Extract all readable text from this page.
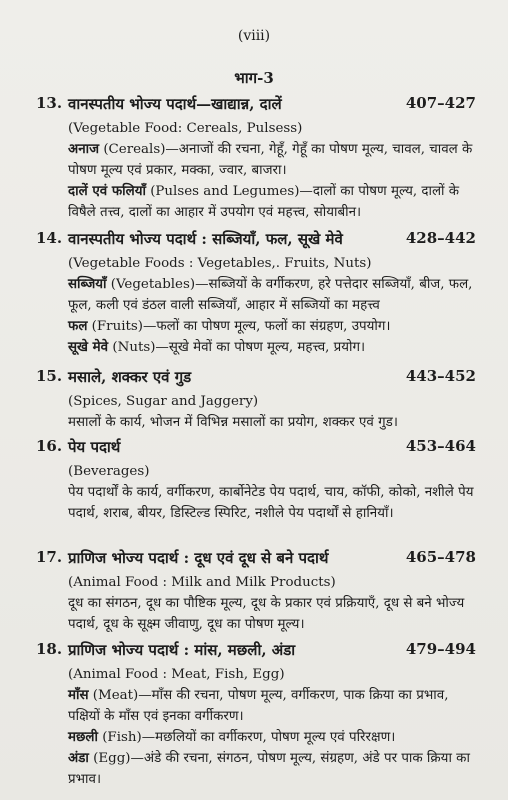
(viii)
भाग-3
13. वानस्पतीय भोज्य पदार्थ—खाद्यान्न, दालें	407–427

(Vegetable Food: Cereals, Pulsess)

अनाज (Cereals)—अनाजों की रचना, गेहूँ, गेहूँ का पोषण मूल्य, चावल, चावल के पोषण मूल्य एवं प्रकार, मक्का, ज्वार, बाजरा।

दालें एवं फलियाँ (Pulses and Legumes)—दालों का पोषण मूल्य, दालों के विषैले तत्त्व, दालों का आहार में उपयोग एवं महत्त्व, सोयाबीन।

14. वानस्पतीय भोज्य पदार्थ : सब्जियाँ, फल, सूखे मेवे	428–442

(Vegetable Foods : Vegetables,. Fruits, Nuts)

सब्जियाँ (Vegetables)—सब्जियों के वर्गीकरण, हरे पत्तेदार सब्जियाँ, बीज, फल, फूल, कली एवं डंठल वाली सब्जियाँ, आहार में सब्जियों का महत्त्व

फल (Fruits)—फलों का पोषण मूल्य, फलों का संग्रहण, उपयोग।

सूखे मेवे (Nuts)—सूखे मेवों का पोषण मूल्य, महत्त्व, प्रयोग।

15. मसाले, शक्कर एवं गुड	443–452

(Spices, Sugar and Jaggery)

मसालों के कार्य, भोजन में विभिन्न मसालों का प्रयोग, शक्कर एवं गुड।

16. पेय पदार्थ	453–464

(Beverages)

पेय पदार्थों के कार्य, वर्गीकरण, कार्बोनेटेड पेय पदार्थ, चाय, कॉफी, कोको, नशीले पेय पदार्थ, शराब, बीयर, डिस्टिल्ड स्पिरिट, नशीले पेय पदार्थों से हानियाँ।

17. प्राणिज भोज्य पदार्थ : दूध एवं दूध से बने पदार्थ	465–478

(Animal Food : Milk and Milk Products)

दूध का संगठन, दूध का पौष्टिक मूल्य, दूध के प्रकार एवं प्रक्रियाएँ, दूध से बने भोज्य पदार्थ, दूध के सूक्ष्म जीवाणु, दूध का पोषण मूल्य।

18. प्राणिज भोज्य पदार्थ : मांस, मछली, अंडा	479–494

(Animal Food : Meat, Fish, Egg)

माँस (Meat)—माँस की रचना, पोषण मूल्य, वर्गीकरण, पाक क्रिया का प्रभाव, पक्षियों के माँस एवं इनका वर्गीकरण।

मछली (Fish)—मछलियों का वर्गीकरण, पोषण मूल्य एवं परिरक्षण।

अंडा (Egg)—अंडे की रचना, संगठन, पोषण मूल्य, संग्रहण, अंडे पर पाक क्रिया का प्रभाव।
